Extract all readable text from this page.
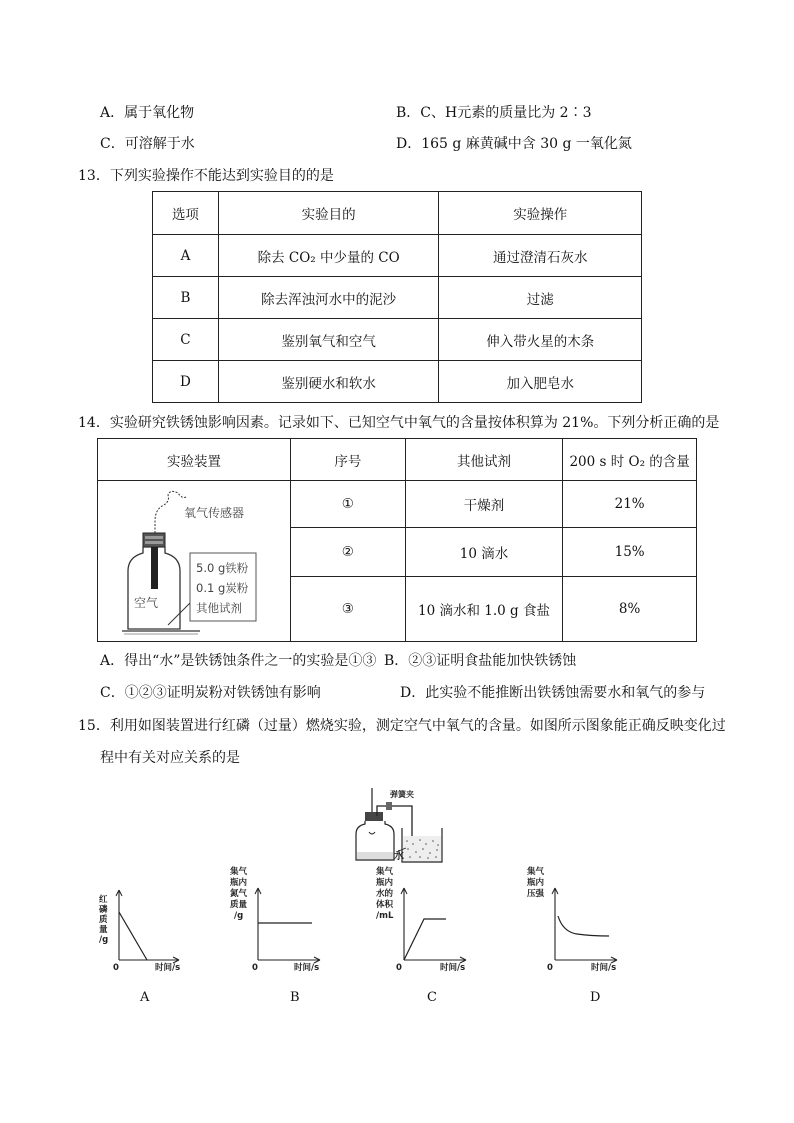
A．属于氧化物	B．C、H元素的质量比为 2∶3
C．可溶解于水	D．165 g 麻黄碱中含 30 g 一氧化氮
13．下列实验操作不能达到实验目的的是
选项	实验目的	实验操作
A	除去 CO₂ 中少量的 CO	通过澄清石灰水
B	除去浑浊河水中的泥沙	过滤
C	鉴别氧气和空气	伸入带火星的木条
D	鉴别硬水和软水	加入肥皂水
14．实验研究铁锈蚀影响因素。记录如下、已知空气中氧气的含量按体积算为 21%。下列分析正确的是
实验装置	序号	其他试剂	200 s 时 O₂ 的含量

氧气传感器
空气
5.0 g铁粉
0.1 g炭粉
其他试剂	①	干燥剂	21%
	②	10 滴水	15%
	③	10 滴水和 1.0 g 食盐	8%
A．得出“水”是铁锈蚀条件之一的实验是①③ B．②③证明食盐能加快铁锈蚀
C．①②③证明炭粉对铁锈蚀有影响	D．此实验不能推断出铁锈蚀需要水和氧气的参与
15．利用如图装置进行红磷（过量）燃烧实验，测定空气中氧气的含量。如图所示图象能正确反映变化过
程中有关对应关系的是
弹簧夹
水
红
磷
质
量
/g
0	时间/s
A
集气
瓶内
氮气
质量
/g
0	时间/s
B
集气
瓶内
水的
体积
/mL
0	时间/s
C
集气
瓶内
压强
0	时间/s
D
